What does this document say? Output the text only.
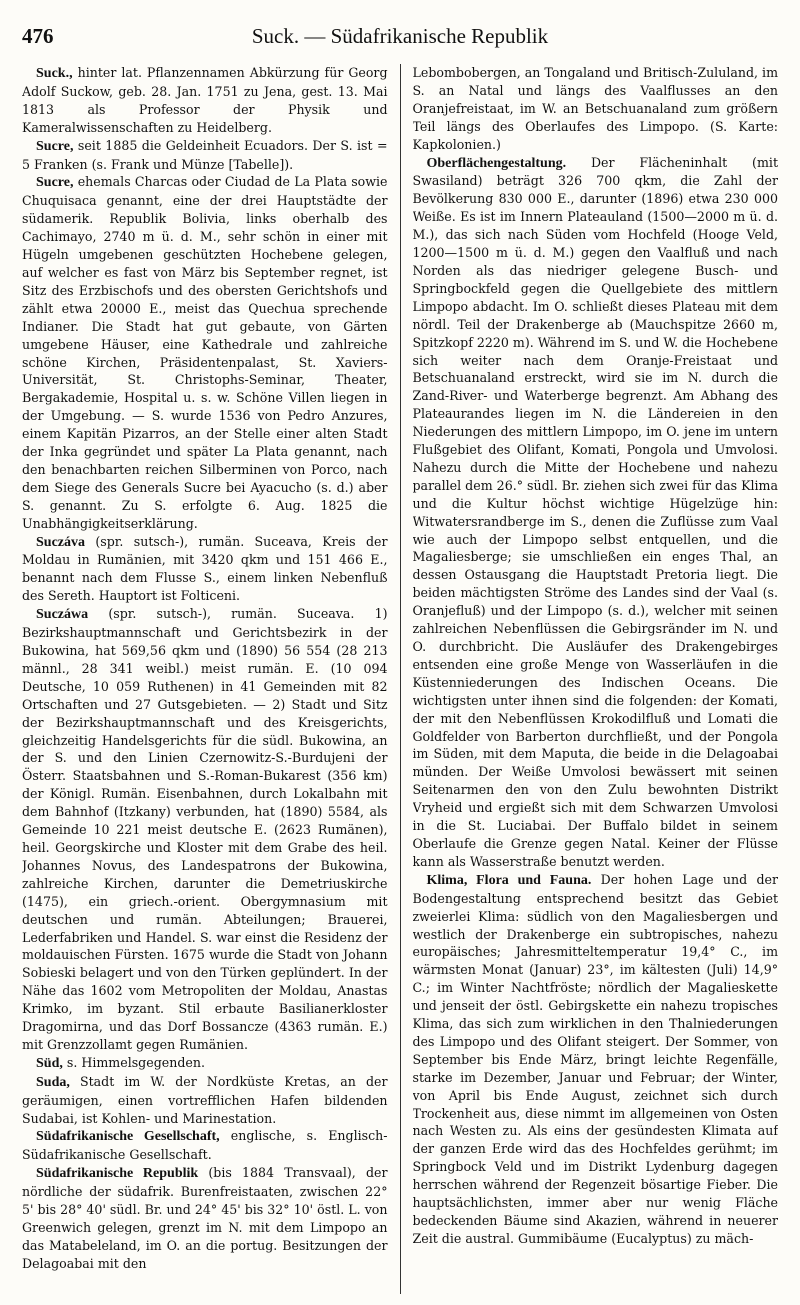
476	Suck. — Südafrikanische Republik

Suck., hinter lat. Pflanzennamen Abkürzung für Georg Adolf Suckow, geb. 28. Jan. 1751 zu Jena, gest. 13. Mai 1813 als Professor der Physik und Kameralwissenschaften zu Heidelberg.

Sucre, seit 1885 die Geldeinheit Ecuadors. Der S. ist = 5 Franken (s. Frank und Münze [Tabelle]).

Sucre, ehemals Charcas oder Ciudad de La Plata sowie Chuquisaca genannt, eine der drei Hauptstädte der südamerik. Republik Bolivia, links oberhalb des Cachimayo, 2740 m ü. d. M., sehr schön in einer mit Hügeln umgebenen geschützten Hochebene gelegen, auf welcher es fast von März bis September regnet, ist Sitz des Erzbischofs und des obersten Gerichtshofs und zählt etwa 20000 E., meist das Quechua sprechende Indianer. Die Stadt hat gut gebaute, von Gärten umgebene Häuser, eine Kathedrale und zahlreiche schöne Kirchen, Präsidentenpalast, St. Xaviers-Universität, St. Christophs-Seminar, Theater, Bergakademie, Hospital u. s. w. Schöne Villen liegen in der Umgebung. — S. wurde 1536 von Pedro Anzures, einem Kapitän Pizarros, an der Stelle einer alten Stadt der Inka gegründet und später La Plata genannt, nach den benachbarten reichen Silberminen von Porco, nach dem Siege des Generals Sucre bei Ayacucho (s. d.) aber S. genannt. Zu S. erfolgte 6. Aug. 1825 die Unabhängigkeitserklärung.

Suczáva (spr. sutsch-), rumän. Suceava, Kreis der Moldau in Rumänien, mit 3420 qkm und 151 466 E., benannt nach dem Flusse S., einem linken Nebenfluß des Sereth. Hauptort ist Folticeni.

Suczáwa (spr. sutsch-), rumän. Suceava. 1) Bezirkshauptmannschaft und Gerichtsbezirk in der Bukowina, hat 569,56 qkm und (1890) 56 554 (28 213 männl., 28 341 weibl.) meist rumän. E. (10 094 Deutsche, 10 059 Ruthenen) in 41 Gemeinden mit 82 Ortschaften und 27 Gutsgebieten. — 2) Stadt und Sitz der Bezirkshauptmannschaft und des Kreisgerichts, gleichzeitig Handelsgerichts für die südl. Bukowina, an der S. und den Linien Czernowitz-S.-Burdujeni der Österr. Staatsbahnen und S.-Roman-Bukarest (356 km) der Königl. Rumän. Eisenbahnen, durch Lokalbahn mit dem Bahnhof (Itzkany) verbunden, hat (1890) 5584, als Gemeinde 10 221 meist deutsche E. (2623 Rumänen), heil. Georgskirche und Kloster mit dem Grabe des heil. Johannes Novus, des Landespatrons der Bukowina, zahlreiche Kirchen, darunter die Demetriuskirche (1475), ein griech.-orient. Obergymnasium mit deutschen und rumän. Abteilungen; Brauerei, Lederfabriken und Handel. S. war einst die Residenz der moldauischen Fürsten. 1675 wurde die Stadt von Johann Sobieski belagert und von den Türken geplündert. In der Nähe das 1602 vom Metropoliten der Moldau, Anastas Krimko, im byzant. Stil erbaute Basilianerkloster Dragomirna, und das Dorf Bossancze (4363 rumän. E.) mit Grenzzollamt gegen Rumänien.

Süd, s. Himmelsgegenden.

Suda, Stadt im W. der Nordküste Kretas, an der geräumigen, einen vortrefflichen Hafen bildenden Sudabai, ist Kohlen- und Marinestation.

Südafrikanische Gesellschaft, englische, s. Englisch-Südafrikanische Gesellschaft.

Südafrikanische Republik (bis 1884 Transvaal), der nördliche der südafrik. Burenfreistaaten, zwischen 22° 5' bis 28° 40' südl. Br. und 24° 45' bis 32° 10' östl. L. von Greenwich gelegen, grenzt im N. mit dem Limpopo an das Matabeleland, im O. an die portug. Besitzungen der Delagoabai mit den

Lebombobergen, an Tongaland und Britisch-Zululand, im S. an Natal und längs des Vaalflusses an den Oranjefreistaat, im W. an Betschuanaland zum größern Teil längs des Oberlaufes des Limpopo. (S. Karte: Kapkolonien.)

Oberflächengestaltung. Der Flächeninhalt (mit Swasiland) beträgt 326 700 qkm, die Zahl der Bevölkerung 830 000 E., darunter (1896) etwa 230 000 Weiße. Es ist im Innern Plateauland (1500—2000 m ü. d. M.), das sich nach Süden vom Hochfeld (Hooge Veld, 1200—1500 m ü. d. M.) gegen den Vaalfluß und nach Norden als das niedriger gelegene Busch- und Springbockfeld gegen die Quellgebiete des mittlern Limpopo abdacht. Im O. schließt dieses Plateau mit dem nördl. Teil der Drakenberge ab (Mauchspitze 2660 m, Spitzkopf 2220 m). Während im S. und W. die Hochebene sich weiter nach dem Oranje-Freistaat und Betschuanaland erstreckt, wird sie im N. durch die Zand-River- und Waterberge begrenzt. Am Abhang des Plateaurandes liegen im N. die Ländereien in den Niederungen des mittlern Limpopo, im O. jene im untern Flußgebiet des Olifant, Komati, Pongola und Umvolosi. Nahezu durch die Mitte der Hochebene und nahezu parallel dem 26.° südl. Br. ziehen sich zwei für das Klima und die Kultur höchst wichtige Hügelzüge hin: Witwatersrandberge im S., denen die Zuflüsse zum Vaal wie auch der Limpopo selbst entquellen, und die Magaliesberge; sie umschließen ein enges Thal, an dessen Ostausgang die Hauptstadt Pretoria liegt. Die beiden mächtigsten Ströme des Landes sind der Vaal (s. Oranjefluß) und der Limpopo (s. d.), welcher mit seinen zahlreichen Nebenflüssen die Gebirgsränder im N. und O. durchbricht. Die Ausläufer des Drakengebirges entsenden eine große Menge von Wasserläufen in die Küstenniederungen des Indischen Oceans. Die wichtigsten unter ihnen sind die folgenden: der Komati, der mit den Nebenflüssen Krokodilfluß und Lomati die Goldfelder von Barberton durchfließt, und der Pongola im Süden, mit dem Maputa, die beide in die Delagoabai münden. Der Weiße Umvolosi bewässert mit seinen Seitenarmen den von den Zulu bewohnten Distrikt Vryheid und ergießt sich mit dem Schwarzen Umvolosi in die St. Luciabai. Der Buffalo bildet in seinem Oberlaufe die Grenze gegen Natal. Keiner der Flüsse kann als Wasserstraße benutzt werden.

Klima, Flora und Fauna. Der hohen Lage und der Bodengestaltung entsprechend besitzt das Gebiet zweierlei Klima: südlich von den Magaliesbergen und westlich der Drakenberge ein subtropisches, nahezu europäisches; Jahresmitteltemperatur 19,4° C., im wärmsten Monat (Januar) 23°, im kältesten (Juli) 14,9° C.; im Winter Nachtfröste; nördlich der Magalieskette und jenseit der östl. Gebirgskette ein nahezu tropisches Klima, das sich zum wirklichen in den Thalniederungen des Limpopo und des Olifant steigert. Der Sommer, von September bis Ende März, bringt leichte Regenfälle, starke im Dezember, Januar und Februar; der Winter, von April bis Ende August, zeichnet sich durch Trockenheit aus, diese nimmt im allgemeinen von Osten nach Westen zu. Als eins der gesündesten Klimata auf der ganzen Erde wird das des Hochfeldes gerühmt; im Springbock Veld und im Distrikt Lydenburg dagegen herrschen während der Regenzeit bösartige Fieber. Die hauptsächlichsten, immer aber nur wenig Fläche bedeckenden Bäume sind Akazien, während in neuerer Zeit die austral. Gummibäume (Eucalyptus) zu mäch-
